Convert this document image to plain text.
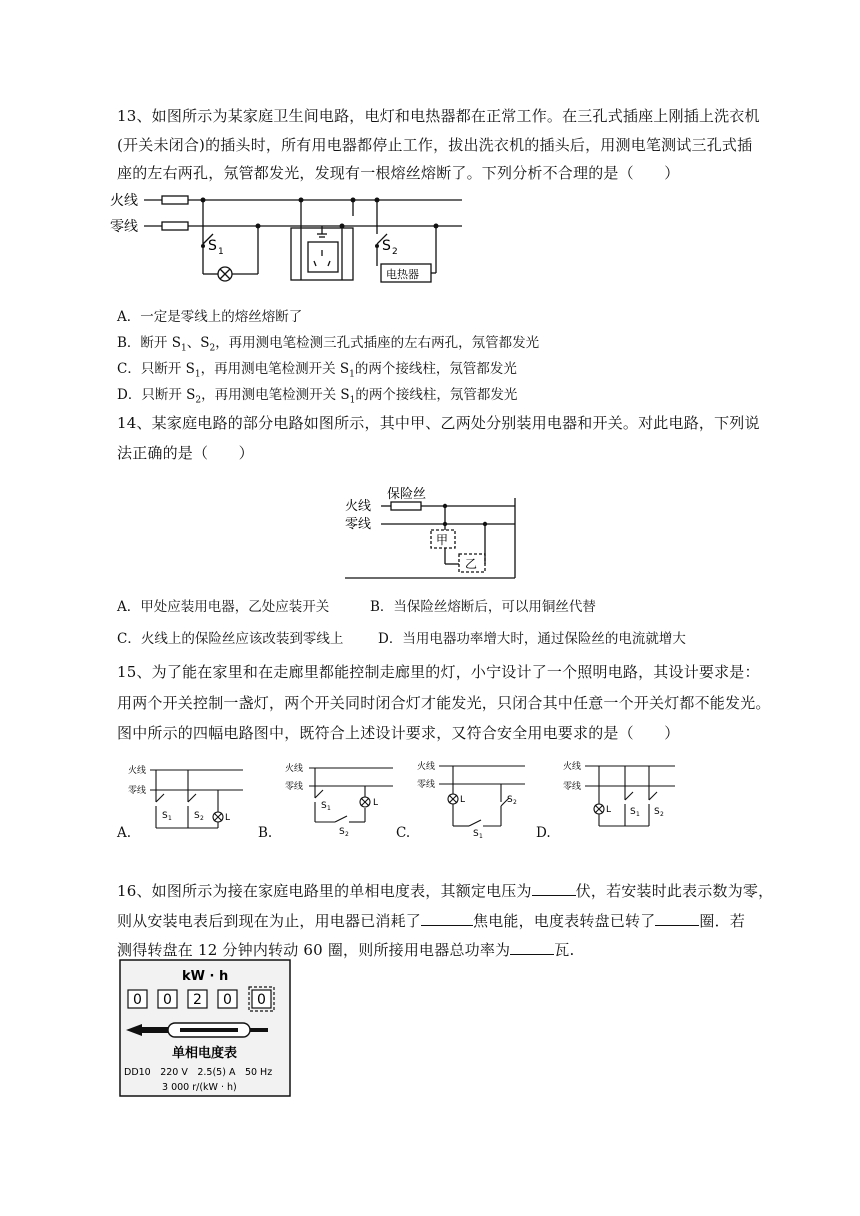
13、如图所示为某家庭卫生间电路，电灯和电热器都在正常工作。在三孔式插座上刚插上洗衣机
(开关未闭合)的插头时，所有用电器都停止工作，拔出洗衣机的插头后，用测电笔测试三孔式插
座的左右两孔，氖管都发光，发现有一根熔丝熔断了。下列分析不合理的是（　　）
火线
零线
S 1	S 2
电热器
A．一定是零线上的熔丝熔断了
B．断开 $S_1$、$S_2$，再用测电笔检测三孔式插座的左右两孔，氖管都发光
C．只断开 $S_1$，再用测电笔检测开关 $S_1$的两个接线柱，氖管都发光
D．只断开 $S_2$，再用测电笔检测开关 $S_1$的两个接线柱，氖管都发光
14、某家庭电路的部分电路如图所示，其中甲、乙两处分别装用电器和开关。对此电路，下列说
法正确的是（　　）
火线
零线
保险丝
甲
乙
A．甲处应装用电器，乙处应装开关	B．当保险丝熔断后，可以用铜丝代替
C．火线上的保险丝应该改装到零线上	D．当用电器功率增大时，通过保险丝的电流就增大
15、为了能在家里和在走廊里都能控制走廊里的灯，小宁设计了一个照明电路，其设计要求是：
用两个开关控制一盏灯，两个开关同时闭合灯才能发光，只闭合其中任意一个开关灯都不能发光。
图中所示的四幅电路图中，既符合上述设计要求，又符合安全用电要求的是（　　）
火线
零线
S 1 S 2 L
火线
零线
S 1
S 2
L
火线
零线
L
S 1
S 2
火线
零线
L S 1 S 2
A.	B.	C.	D.
16、如图所示为接在家庭电路里的单相电度表，其额定电压为	伏，若安装时此表示数为零，
则从安装电表后到现在为止，用电器已消耗了	焦电能，电度表转盘已转了	圈．若
测得转盘在 12 分钟内转动 60 圈，则所接用电器总功率为	瓦.
kW · h
0 0 2 0 0
单相电度表
DD10　220 V　2.5(5) A　50 Hz
3 000 r/(kW · h)
